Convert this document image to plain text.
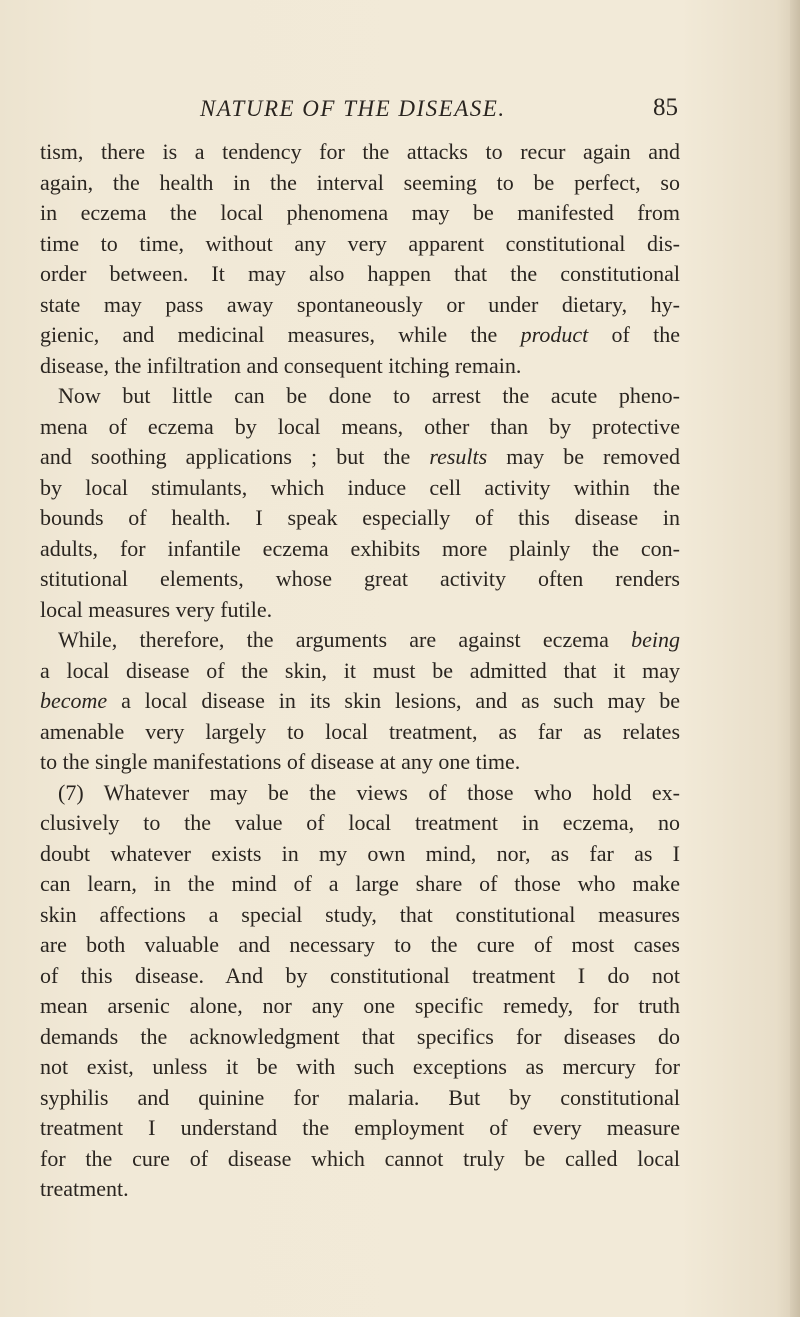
NATURE OF THE DISEASE.	85
tism, there is a tendency for the attacks to recur again and
again, the health in the interval seeming to be perfect, so
in eczema the local phenomena may be manifested from
time to time, without any very apparent constitutional dis-
order between. It may also happen that the constitutional
state may pass away spontaneously or under dietary, hy-
gienic, and medicinal measures, while the product of the
disease, the infiltration and consequent itching remain.
Now but little can be done to arrest the acute pheno-
mena of eczema by local means, other than by protective
and soothing applications ; but the results may be removed
by local stimulants, which induce cell activity within the
bounds of health. I speak especially of this disease in
adults, for infantile eczema exhibits more plainly the con-
stitutional elements, whose great activity often renders
local measures very futile.
While, therefore, the arguments are against eczema being
a local disease of the skin, it must be admitted that it may
become a local disease in its skin lesions, and as such may be
amenable very largely to local treatment, as far as relates
to the single manifestations of disease at any one time.
(7) Whatever may be the views of those who hold ex-
clusively to the value of local treatment in eczema, no
doubt whatever exists in my own mind, nor, as far as I
can learn, in the mind of a large share of those who make
skin affections a special study, that constitutional measures
are both valuable and necessary to the cure of most cases
of this disease. And by constitutional treatment I do not
mean arsenic alone, nor any one specific remedy, for truth
demands the acknowledgment that specifics for diseases do
not exist, unless it be with such exceptions as mercury for
syphilis and quinine for malaria. But by constitutional
treatment I understand the employment of every measure
for the cure of disease which cannot truly be called local
treatment.
